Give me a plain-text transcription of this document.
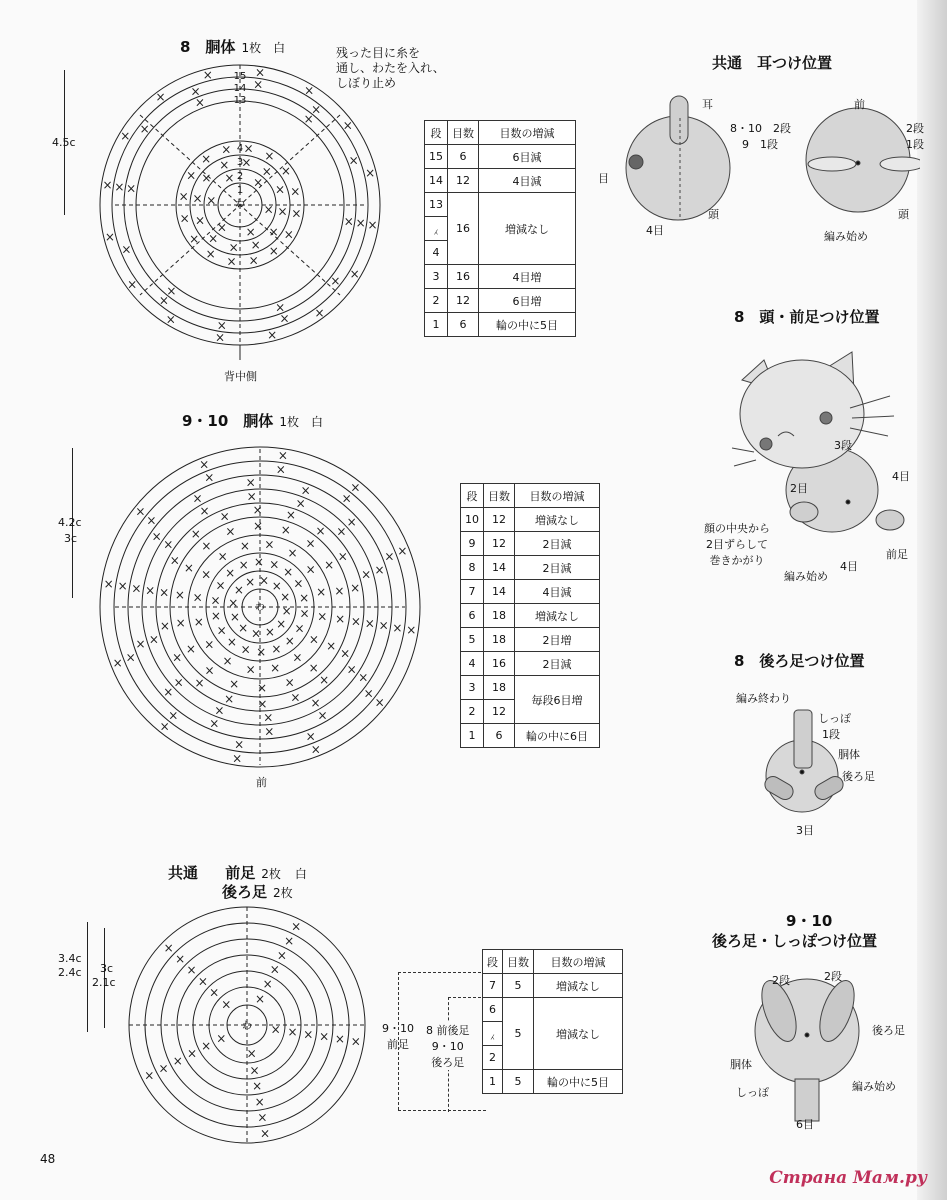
8　胴体 1枚　白	残った目に糸を
通し、わたを入れ、
しぼり止め
4.5c
わ
15
14
13
4
3
2
1
×
×
×
×
×
×
×
×
×
×
×
×	×
×
×
×
×
×
×
×
×
×
×
×
×	×
×
×
×
×
×
×
×
×
×
×
×
×
×
×
×
×
×
×
×
× ×
×
×
×
×
×
×
×
×
×
×
×
× ×
×
×
×
×
×
×
× ×
背中側
段	目数	目数の増減
15	6	6目減
14	12	4目減
13	16	増減なし
⁁		
4		
3	16	4目増
2	12	6目増
1	6	輪の中に5目
9・10　胴体 1枚　白
4.2c
3c
わ
×
×
×
×
×
×
×
×
×
×
×
×
×
×
×
×
×
×
×
×
×
×
×
×
×
×
×
×
×
×
×
×
×
×
×
×
×
×
×
×
×
×
×
×
×
×
×
×
×
×
×
×
×
×
×
×
×
×
×
×
×
×
×
×
× × ×
×
×
×
×
×
×
×
×
×
×
×
×
×
×
×
× × ×
×
×
×
×
×
×
×
×
×
×
×
×
×
×
× ×
×
×
×
×
×
×
×
×
×
×
×
×
×
×
×
× × ×
×
×
×
×
×
×
×
×
×
×
×
× × ×
×
前
段	目数	目数の増減
10	12	増減なし
9	12	2目減
8	14	2目減
7	14	4目減
6	18	増減なし
5	18	2目増
4	16	2目減
3	18	毎段6目増
2	12	
1	6	輪の中に6目
共通 前足 2枚 白
後ろ足 2枚
3.4c
2.4c 3c
2.1c
わ
×
×
×
×
×
×
×
×
×
×
×
×
×
×
×
×
×
×
×
×
×
×
×
×
×
×
×
×
× ×
9・10
前足
8 前後足
9・10
後ろ足
段	目数	目数の増減
7	5	増減なし
6	5	増減なし
⁁		
2		
1	5	輪の中に5目
共通　耳つけ位置
耳
8・10　2段
9　1段
目
4目
頭
前
2段
1段
頭
編み始め
8　頭・前足つけ位置
3段
4目
2目
顔の中央から
2目ずらして
巻きかがり	前足
4目
編み始め
8　後ろ足つけ位置
編み終わり
しっぽ
1段
胴体
後ろ足
3目
9・10
後ろ足・しっぽつけ位置
2段	2段
後ろ足
胴体
しっぽ	編み始め
6目
48
Страна Мам.ру
